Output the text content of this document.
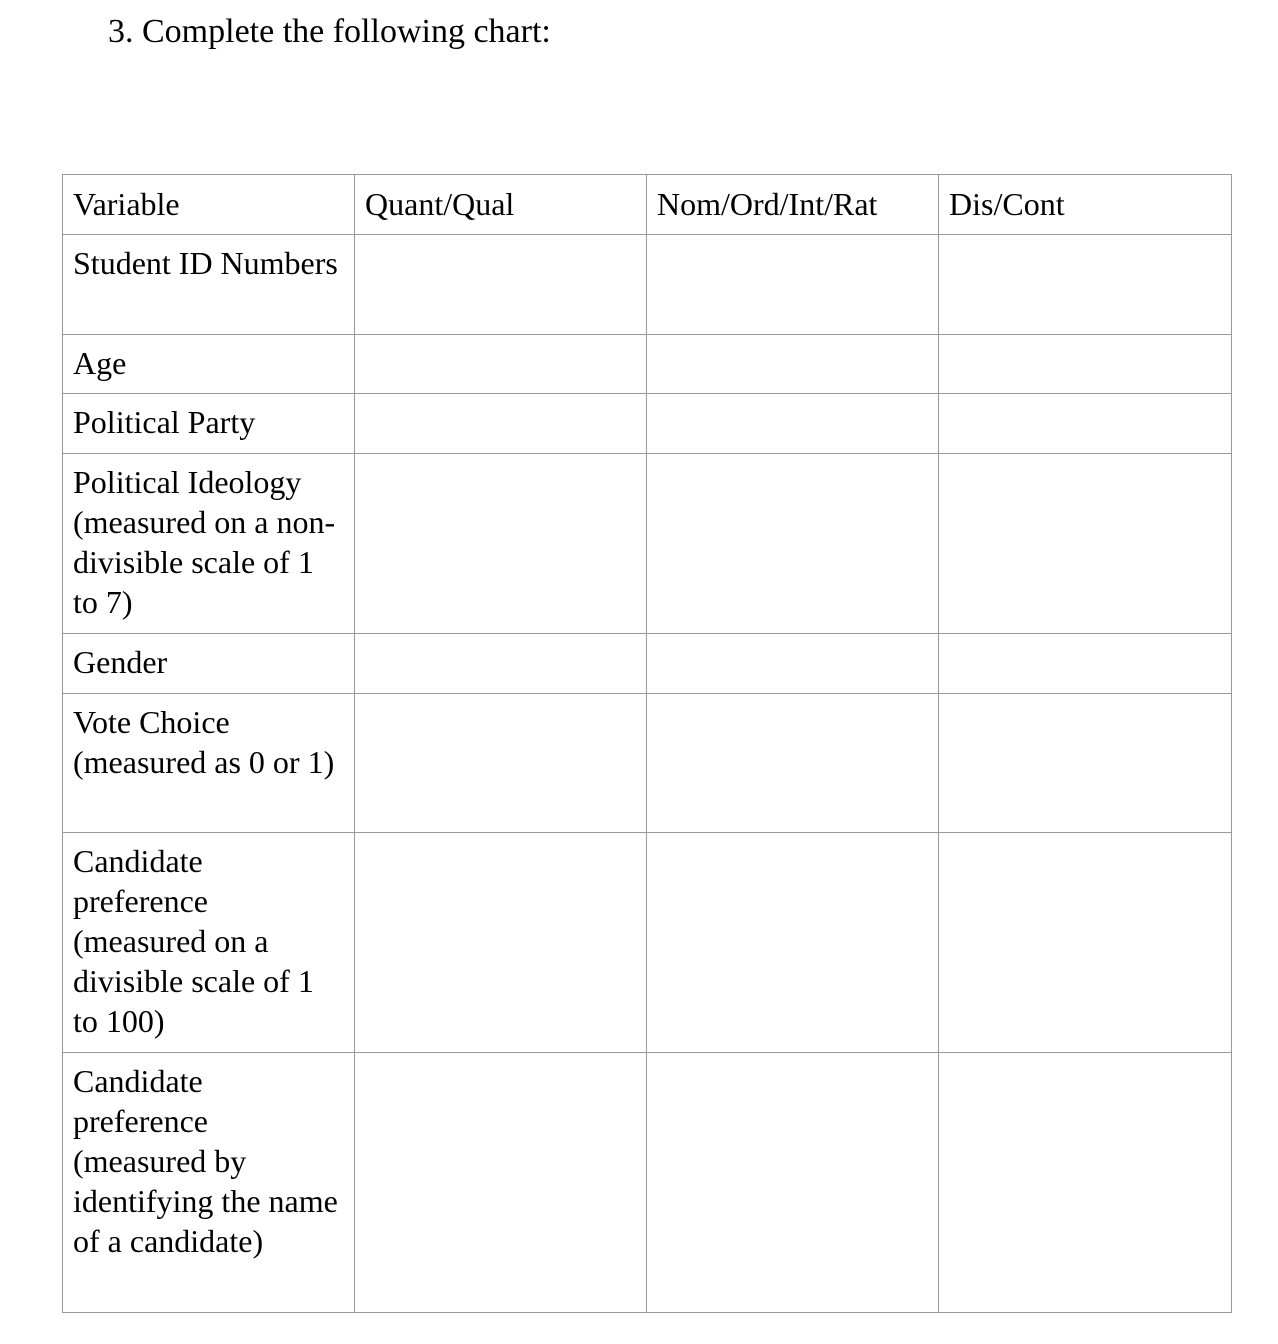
3. Complete the following chart:
Variable	Quant/Qual	Nom/Ord/Int/Rat	Dis/Cont

Student ID Numbers			

Age			

Political Party			

Political Ideology (measured on a non-divisible scale of 1 to 7)			

Gender			

Vote Choice (measured as 0 or 1)			

Candidate preference (measured on a divisible scale of 1 to 100)			

Candidate preference (measured by identifying the name of a candidate)			
